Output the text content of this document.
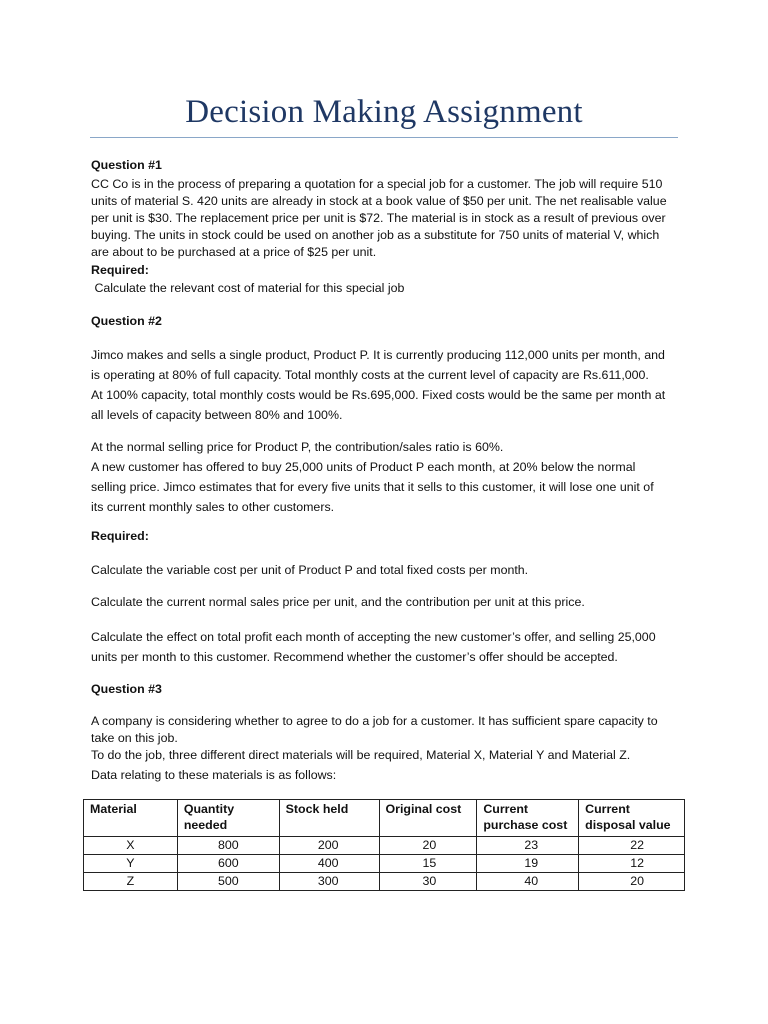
Decision Making Assignment
Question #1
CC Co is in the process of preparing a quotation for a special job for a customer. The job will require 510
units of material S. 420 units are already in stock at a book value of $50 per unit. The net realisable value
per unit is $30. The replacement price per unit is $72. The material is in stock as a result of previous over
buying. The units in stock could be used on another job as a substitute for 750 units of material V, which
are about to be purchased at a price of $25 per unit.
Required:
Calculate the relevant cost of material for this special job
Question #2
Jimco makes and sells a single product, Product P. It is currently producing 112,000 units per month, and
is operating at 80% of full capacity. Total monthly costs at the current level of capacity are Rs.611,000.
At 100% capacity, total monthly costs would be Rs.695,000. Fixed costs would be the same per month at
all levels of capacity between 80% and 100%.
At the normal selling price for Product P, the contribution/sales ratio is 60%.
A new customer has offered to buy 25,000 units of Product P each month, at 20% below the normal
selling price. Jimco estimates that for every five units that it sells to this customer, it will lose one unit of
its current monthly sales to other customers.
Required:
Calculate the variable cost per unit of Product P and total fixed costs per month.
Calculate the current normal sales price per unit, and the contribution per unit at this price.
Calculate the effect on total profit each month of accepting the new customer’s offer, and selling 25,000
units per month to this customer. Recommend whether the customer’s offer should be accepted.
Question #3
A company is considering whether to agree to do a job for a customer. It has sufficient spare capacity to
take on this job.
To do the job, three different direct materials will be required, Material X, Material Y and Material Z.
Data relating to these materials is as follows:
Material	Quantity needed	Stock held	Original cost	Current purchase cost	Current disposal value
X	800	200	20	23	22
Y	600	400	15	19	12
Z	500	300	30	40	20
